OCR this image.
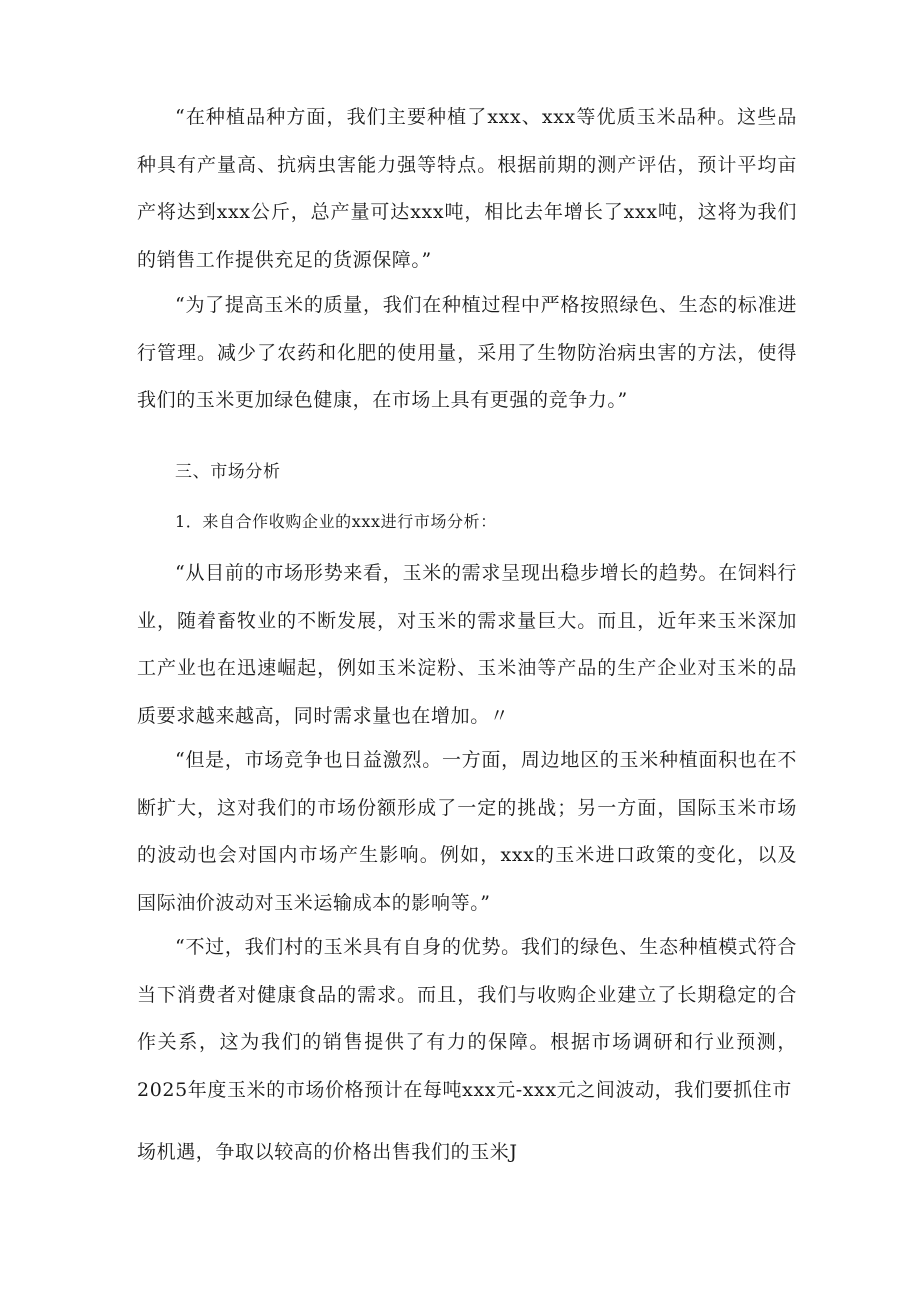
“在种植品种方面，我们主要种植了xxx、xxx等优质玉米品种。这些品种具有产量高、抗病虫害能力强等特点。根据前期的测产评估，预计平均亩产将达到xxx公斤，总产量可达xxx吨，相比去年增长了xxx吨，这将为我们的销售工作提供充足的货源保障。”

“为了提高玉米的质量，我们在种植过程中严格按照绿色、生态的标准进行管理。减少了农药和化肥的使用量，采用了生物防治病虫害的方法，使得我们的玉米更加绿色健康，在市场上具有更强的竞争力。”

三、市场分析

1．来自合作收购企业的xxx进行市场分析：

“从目前的市场形势来看，玉米的需求呈现出稳步增长的趋势。在饲料行业，随着畜牧业的不断发展，对玉米的需求量巨大。而且，近年来玉米深加工产业也在迅速崛起，例如玉米淀粉、玉米油等产品的生产企业对玉米的品质要求越来越高，同时需求量也在增加。〃

“但是，市场竞争也日益激烈。一方面，周边地区的玉米种植面积也在不断扩大，这对我们的市场份额形成了一定的挑战；另一方面，国际玉米市场的波动也会对国内市场产生影响。例如，xxx的玉米进口政策的变化，以及国际油价波动对玉米运输成本的影响等。”

“不过，我们村的玉米具有自身的优势。我们的绿色、生态种植模式符合当下消费者对健康食品的需求。而且，我们与收购企业建立了长期稳定的合作关系，这为我们的销售提供了有力的保障。根据市场调研和行业预测，2025年度玉米的市场价格预计在每吨xxx元-xxx元之间波动，我们要抓住市

场机遇，争取以较高的价格出售我们的玉米J
